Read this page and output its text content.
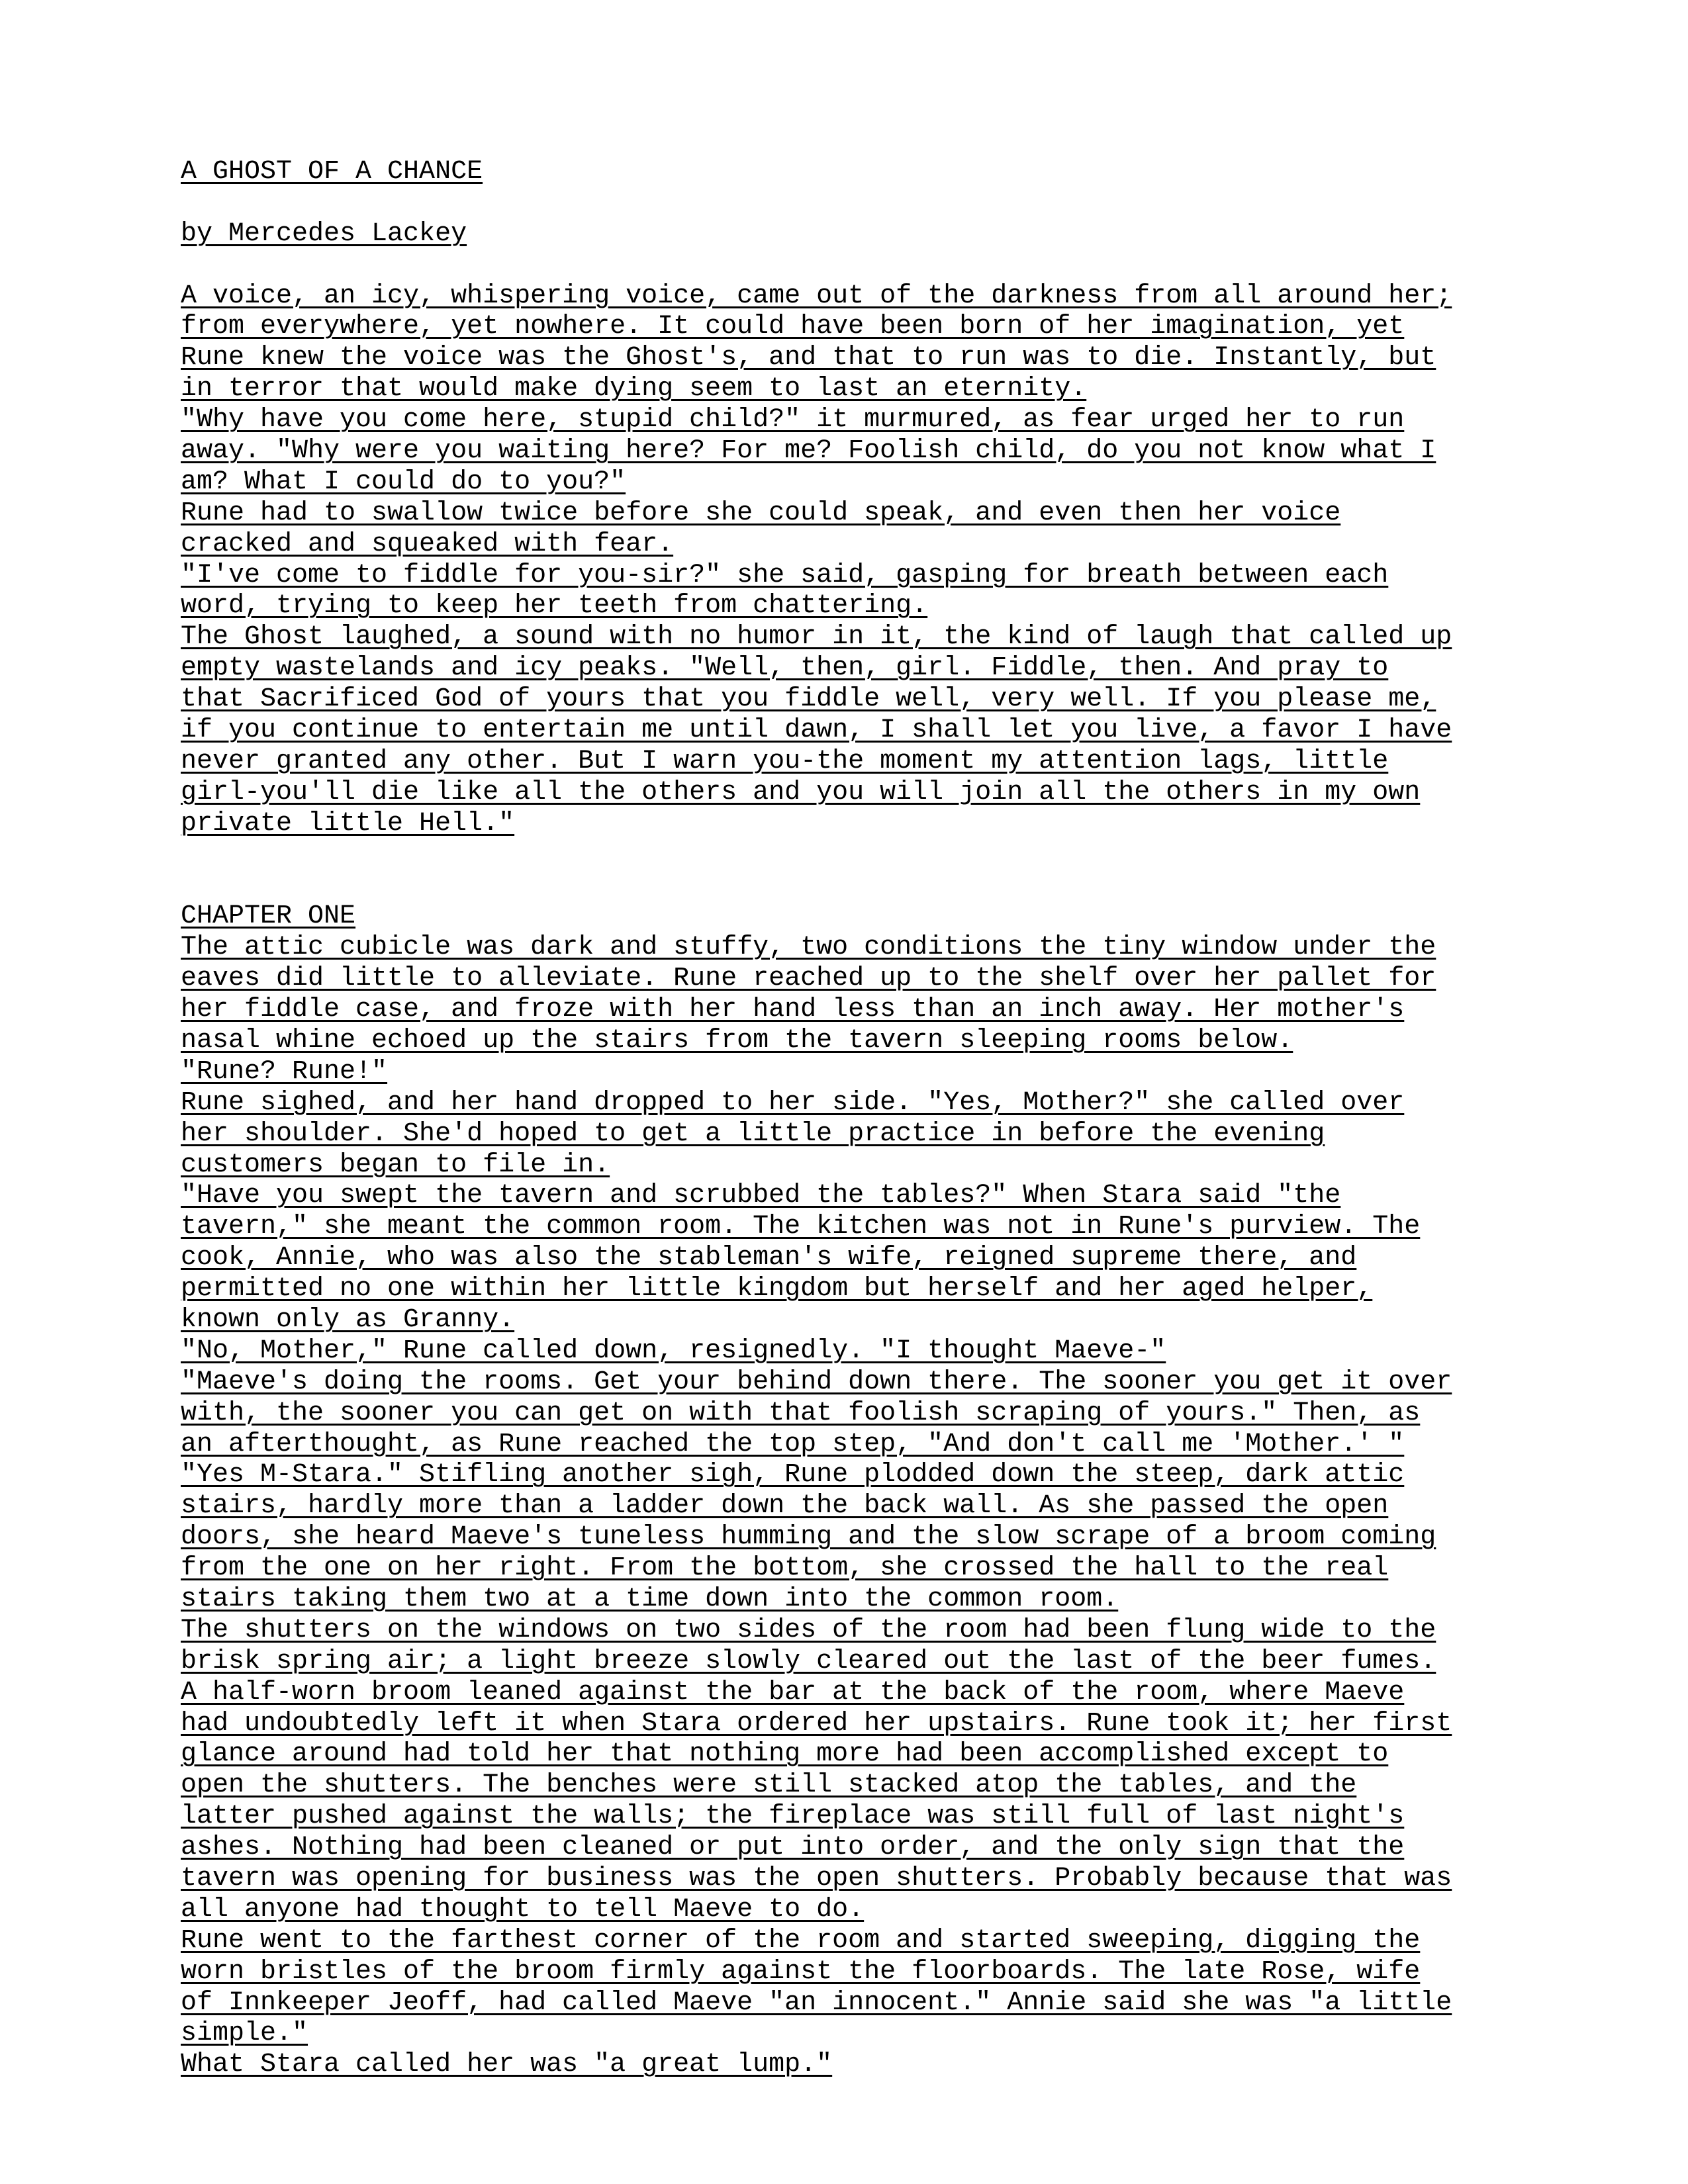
A GHOST OF A CHANCE
by Mercedes Lackey
A voice, an icy, whispering voice, came out of the darkness from all around her;
from everywhere, yet nowhere. It could have been born of her imagination, yet
Rune knew the voice was the Ghost's, and that to run was to die. Instantly, but
in terror that would make dying seem to last an eternity.
"Why have you come here, stupid child?" it murmured, as fear urged her to run
away. "Why were you waiting here? For me? Foolish child, do you not know what I
am? What I could do to you?"
Rune had to swallow twice before she could speak, and even then her voice
cracked and squeaked with fear.
"I've come to fiddle for you-sir?" she said, gasping for breath between each
word, trying to keep her teeth from chattering.
The Ghost laughed, a sound with no humor in it, the kind of laugh that called up
empty wastelands and icy peaks. "Well, then, girl. Fiddle, then. And pray to
that Sacrificed God of yours that you fiddle well, very well. If you please me,
if you continue to entertain me until dawn, I shall let you live, a favor I have
never granted any other. But I warn you-the moment my attention lags, little
girl-you'll die like all the others and you will join all the others in my own
private little Hell."
CHAPTER ONE
The attic cubicle was dark and stuffy, two conditions the tiny window under the
eaves did little to alleviate. Rune reached up to the shelf over her pallet for
her fiddle case, and froze with her hand less than an inch away. Her mother's
nasal whine echoed up the stairs from the tavern sleeping rooms below.
"Rune? Rune!"
Rune sighed, and her hand dropped to her side. "Yes, Mother?" she called over
her shoulder. She'd hoped to get a little practice in before the evening
customers began to file in.
"Have you swept the tavern and scrubbed the tables?" When Stara said "the
tavern," she meant the common room. The kitchen was not in Rune's purview. The
cook, Annie, who was also the stableman's wife, reigned supreme there, and
permitted no one within her little kingdom but herself and her aged helper,
known only as Granny.
"No, Mother," Rune called down, resignedly. "I thought Maeve-"
"Maeve's doing the rooms. Get your behind down there. The sooner you get it over
with, the sooner you can get on with that foolish scraping of yours." Then, as
an afterthought, as Rune reached the top step, "And don't call me 'Mother.' "
"Yes M-Stara." Stifling another sigh, Rune plodded down the steep, dark attic
stairs, hardly more than a ladder down the back wall. As she passed the open
doors, she heard Maeve's tuneless humming and the slow scrape of a broom coming
from the one on her right. From the bottom, she crossed the hall to the real
stairs taking them two at a time down into the common room.
The shutters on the windows on two sides of the room had been flung wide to the
brisk spring air; a light breeze slowly cleared out the last of the beer fumes.
A half-worn broom leaned against the bar at the back of the room, where Maeve
had undoubtedly left it when Stara ordered her upstairs. Rune took it; her first
glance around had told her that nothing more had been accomplished except to
open the shutters. The benches were still stacked atop the tables, and the
latter pushed against the walls; the fireplace was still full of last night's
ashes. Nothing had been cleaned or put into order, and the only sign that the
tavern was opening for business was the open shutters. Probably because that was
all anyone had thought to tell Maeve to do.
Rune went to the farthest corner of the room and started sweeping, digging the
worn bristles of the broom firmly against the floorboards. The late Rose, wife
of Innkeeper Jeoff, had called Maeve "an innocent." Annie said she was "a little
simple."
What Stara called her was "a great lump."
